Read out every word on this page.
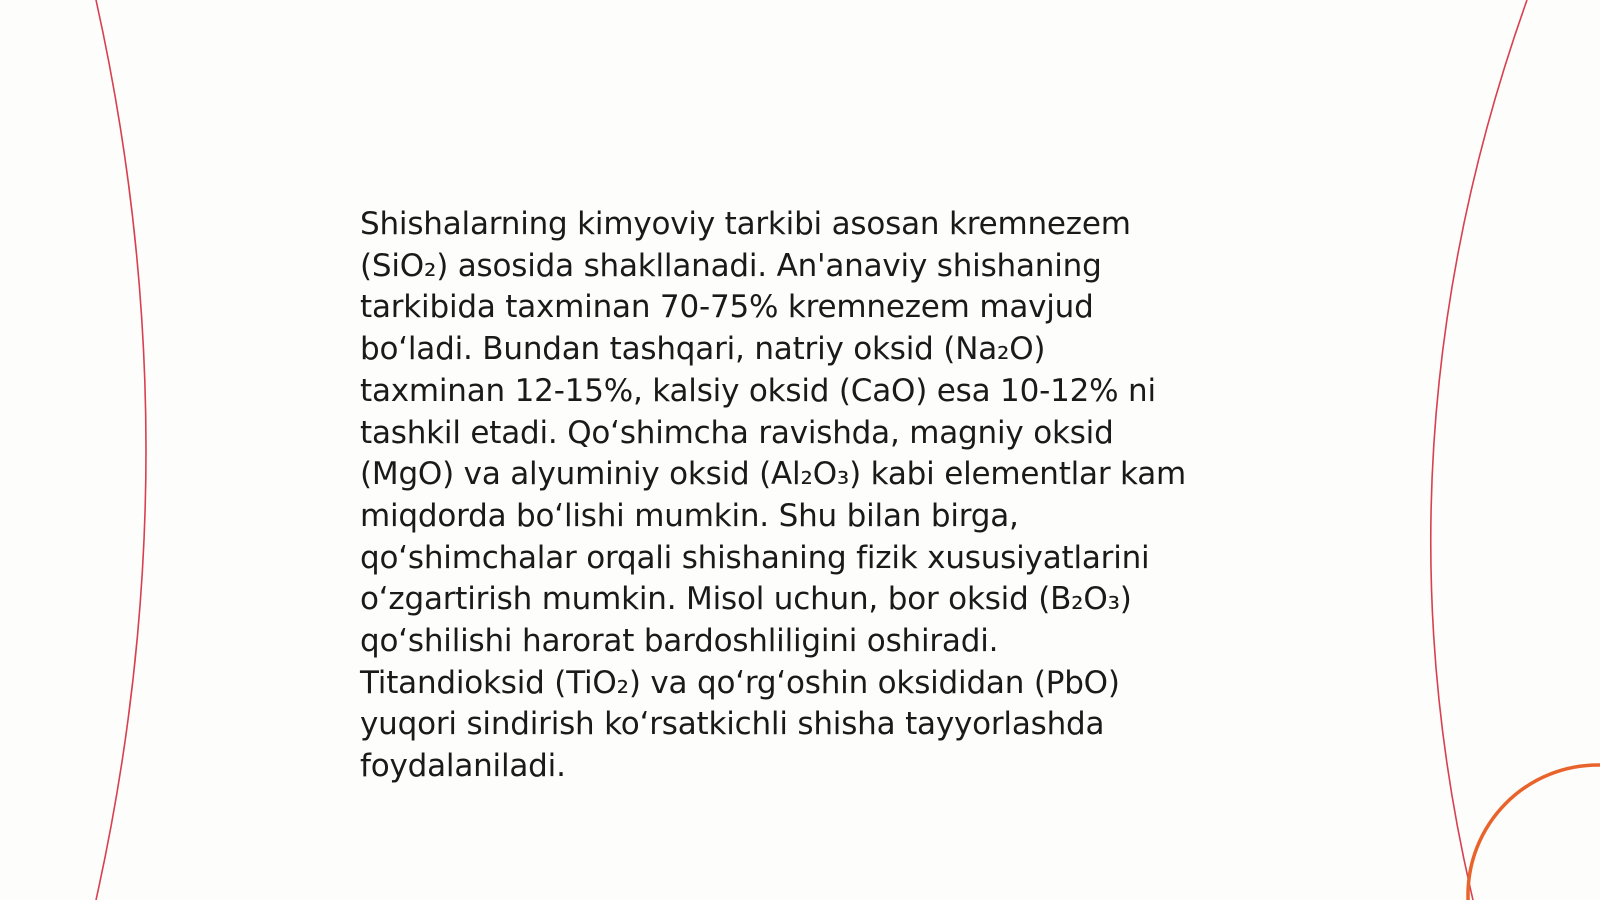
Shishalarning kimyoviy tarkibi asosan kremnezem
(SiO₂) asosida shakllanadi. An'anaviy shishaning
tarkibida taxminan 70-75% kremnezem mavjud
boʻladi. Bundan tashqari, natriy oksid (Na₂O)
taxminan 12-15%, kalsiy oksid (CaO) esa 10-12% ni
tashkil etadi. Qoʻshimcha ravishda, magniy oksid
(MgO) va alyuminiy oksid (Al₂O₃) kabi elementlar kam
miqdorda boʻlishi mumkin. Shu bilan birga,
qoʻshimchalar orqali shishaning fizik xususiyatlarini
oʻzgartirish mumkin. Misol uchun, bor oksid (B₂O₃)
qoʻshilishi harorat bardoshliligini oshiradi.
Titandioksid (TiO₂) va qoʻrgʻoshin oksididan (PbO)
yuqori sindirish koʻrsatkichli shisha tayyorlashda
foydalaniladi.
